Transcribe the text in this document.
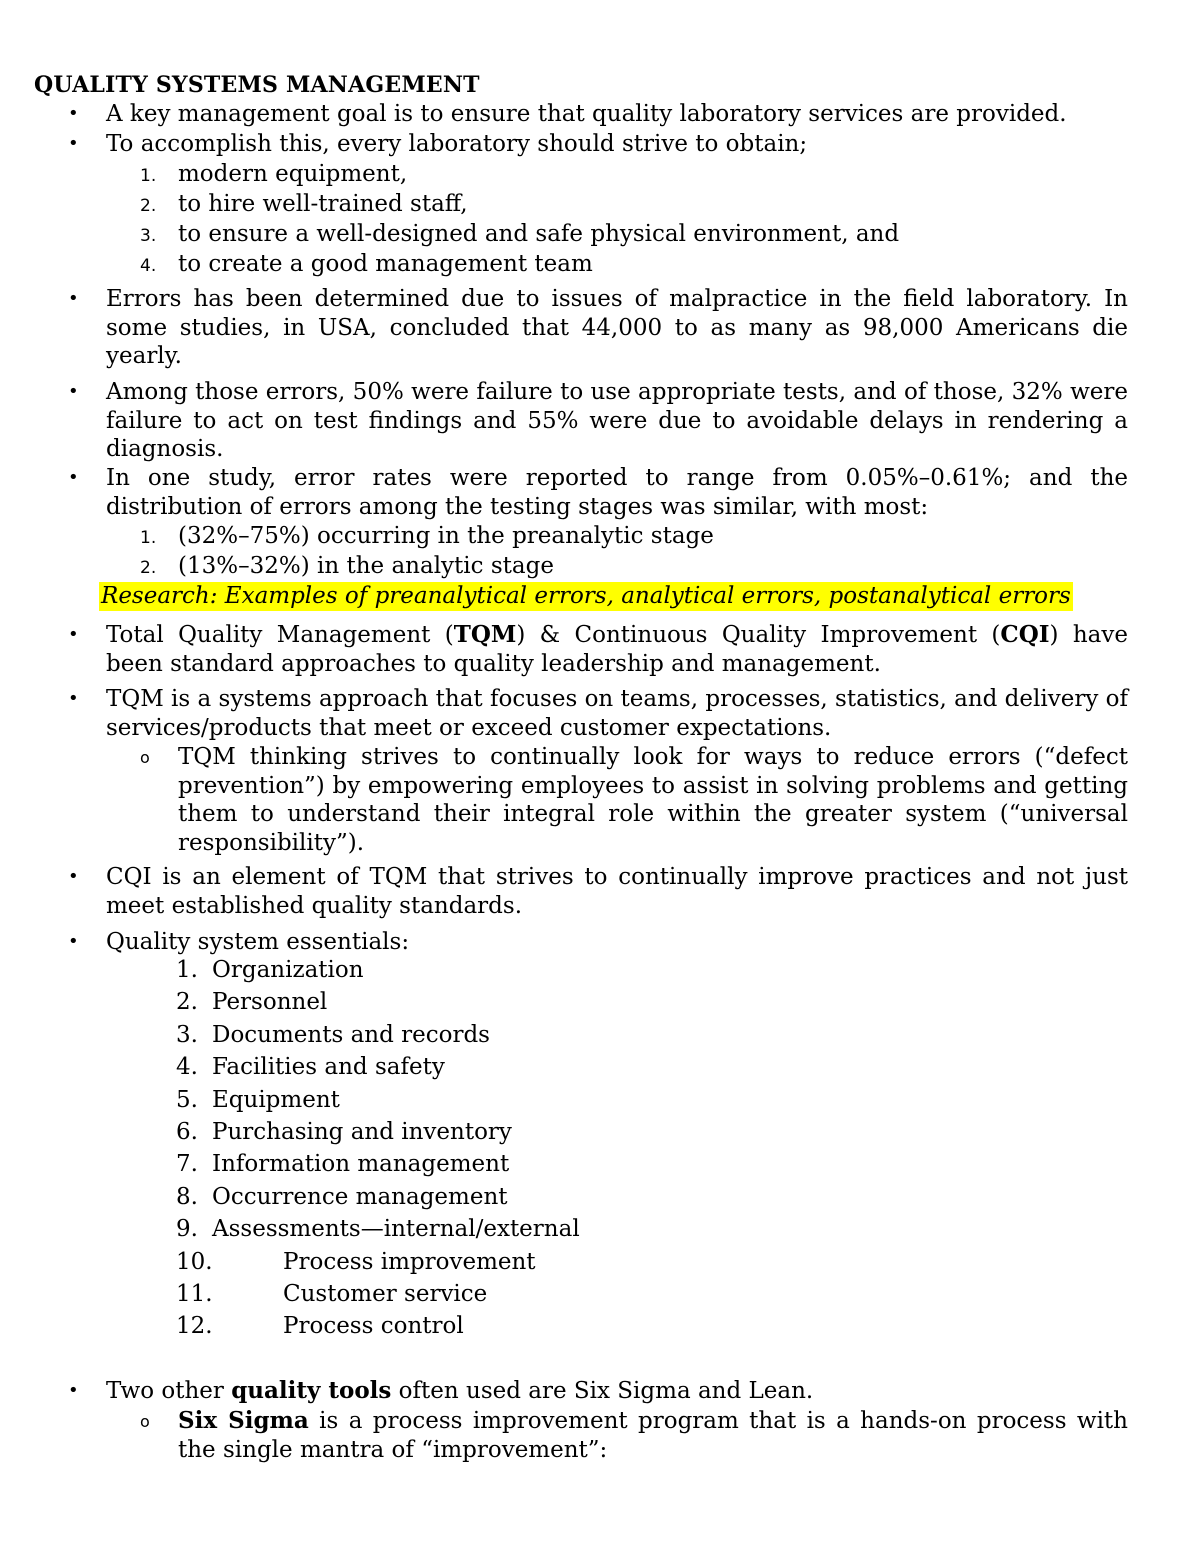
QUALITY SYSTEMS MANAGEMENT
•	A key management goal is to ensure that quality laboratory services are provided.
•	To accomplish this, every laboratory should strive to obtain;
1. modern equipment,
2. to hire well-trained staff,
3. to ensure a well-designed and safe physical environment, and
4. to create a good management team
•	Errors has been determined due to issues of malpractice in the field laboratory. In some studies, in USA, concluded that 44,000 to as many as 98,000 Americans die yearly.
•	Among those errors, 50% were failure to use appropriate tests, and of those, 32% were failure to act on test findings and 55% were due to avoidable delays in rendering a diagnosis.
•	In one study, error rates were reported to range from 0.05%–0.61%; and the distribution of errors among the testing stages was similar, with most:
1. (32%–75%) occurring in the preanalytic stage
2. (13%–32%) in the analytic stage
Research: Examples of preanalytical errors, analytical errors, postanalytical errors
•	Total Quality Management (TQM) & Continuous Quality Improvement (CQI) have been standard approaches to quality leadership and management.
•	TQM is a systems approach that focuses on teams, processes, statistics, and delivery of services/products that meet or exceed customer expectations.
o TQM thinking strives to continually look for ways to reduce errors (“defect prevention”) by empowering employees to assist in solving problems and getting them to understand their integral role within the greater system (“universal responsibility”).
•	CQI is an element of TQM that strives to continually improve practices and not just meet established quality standards.
•	Quality system essentials:
1. Organization
2. Personnel
3. Documents and records
4. Facilities and safety
5. Equipment
6. Purchasing and inventory
7. Information management
8. Occurrence management
9. Assessments—internal/external
10.	Process improvement
11.	Customer service
12.	Process control
•	Two other quality tools often used are Six Sigma and Lean.
o Six Sigma is a process improvement program that is a hands-on process with the single mantra of “improvement”:
